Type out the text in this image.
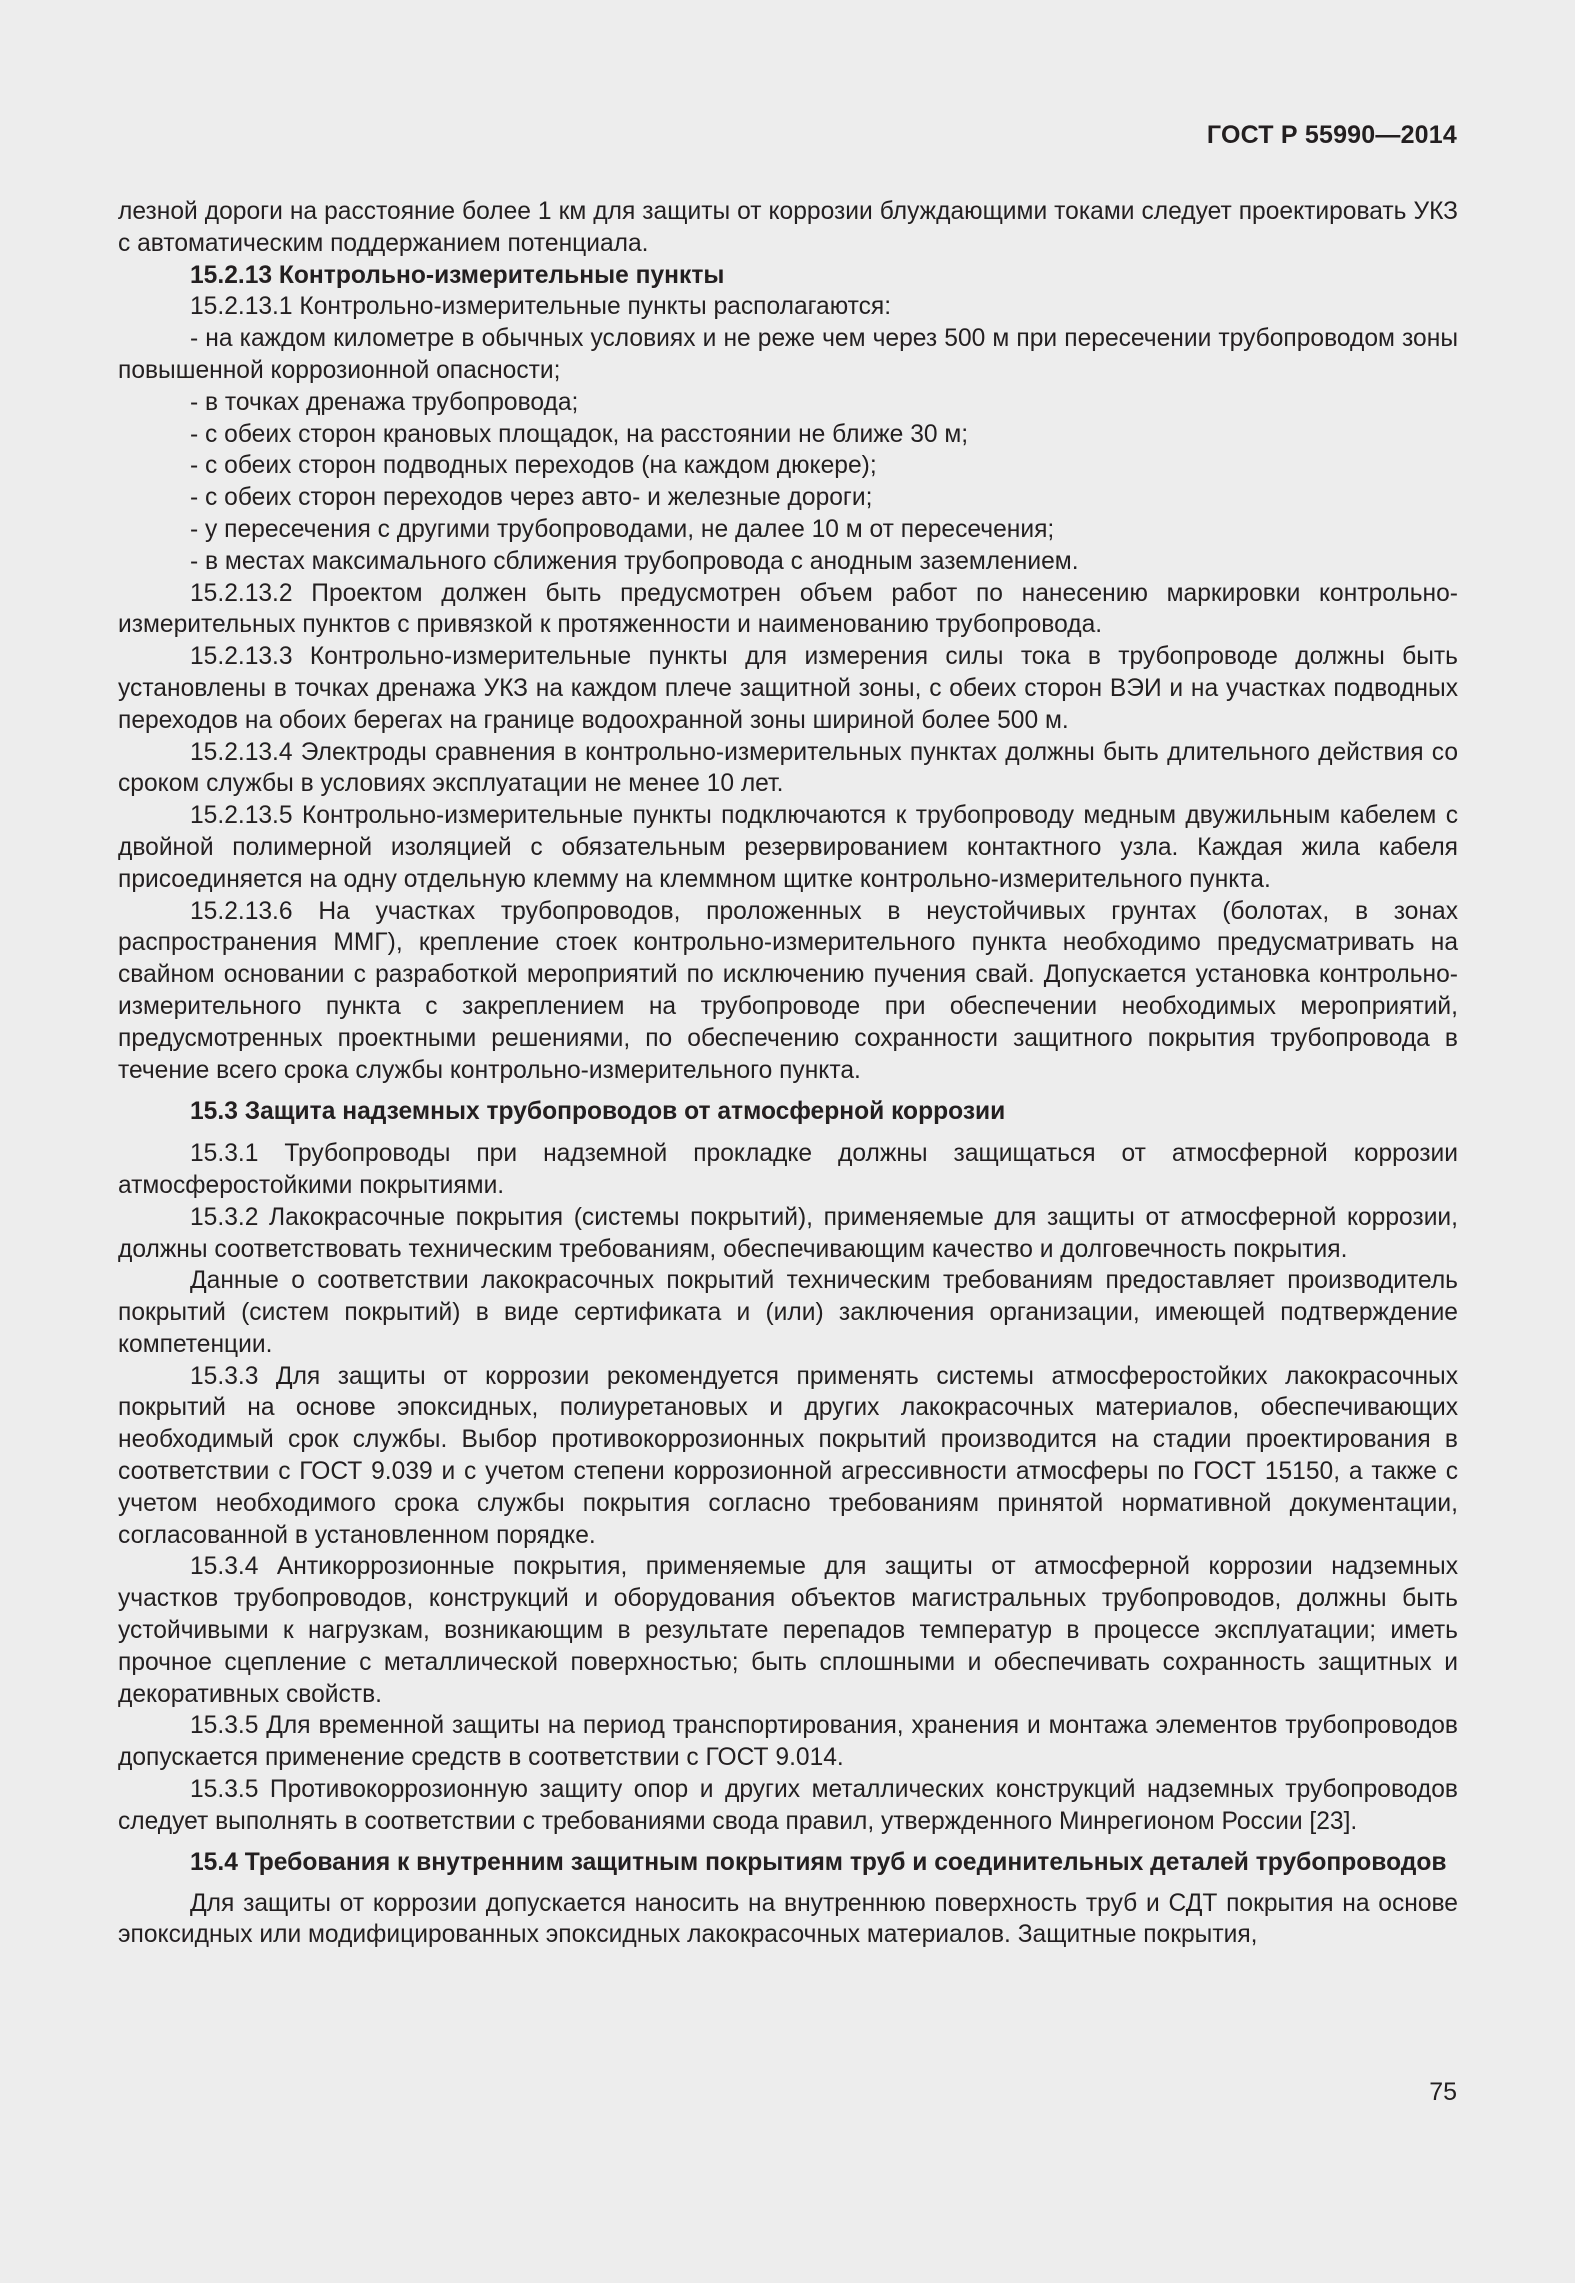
ГОСТ Р 55990—2014

лезной дороги на расстояние более 1 км для защиты от коррозии блуждающими токами следует проектировать УКЗ с автоматическим поддержанием потенциала.

15.2.13 Контрольно-измерительные пункты

15.2.13.1 Контрольно-измерительные пункты располагаются:

- на каждом километре в обычных условиях и не реже чем через 500 м при пересечении трубопроводом зоны повышенной коррозионной опасности;

- в точках дренажа трубопровода;

- с обеих сторон крановых площадок, на расстоянии не ближе 30 м;

- с обеих сторон подводных переходов (на каждом дюкере);

- с обеих сторон переходов через авто- и железные дороги;

- у пересечения с другими трубопроводами, не далее 10 м от пересечения;

- в местах максимального сближения трубопровода с анодным заземлением.

15.2.13.2 Проектом должен быть предусмотрен объем работ по нанесению маркировки контрольно-измерительных пунктов с привязкой к протяженности и наименованию трубопровода.

15.2.13.3 Контрольно-измерительные пункты для измерения силы тока в трубопроводе должны быть установлены в точках дренажа УКЗ на каждом плече защитной зоны, с обеих сторон ВЭИ и на участках подводных переходов на обоих берегах на границе водоохранной зоны шириной более 500 м.

15.2.13.4 Электроды сравнения в контрольно-измерительных пунктах должны быть длительного действия со сроком службы в условиях эксплуатации не менее 10 лет.

15.2.13.5 Контрольно-измерительные пункты подключаются к трубопроводу медным двужильным кабелем с двойной полимерной изоляцией с обязательным резервированием контактного узла. Каждая жила кабеля присоединяется на одну отдельную клемму на клеммном щитке контрольно-измерительного пункта.

15.2.13.6 На участках трубопроводов, проложенных в неустойчивых грунтах (болотах, в зонах распространения ММГ), крепление стоек контрольно-измерительного пункта необходимо предусматривать на свайном основании с разработкой мероприятий по исключению пучения свай. Допускается установка контрольно-измерительного пункта с закреплением на трубопроводе при обеспечении необходимых мероприятий, предусмотренных проектными решениями, по обеспечению сохранности защитного покрытия трубопровода в течение всего срока службы контрольно-измерительного пункта.

15.3 Защита надземных трубопроводов от атмосферной коррозии

15.3.1 Трубопроводы при надземной прокладке должны защищаться от атмосферной коррозии атмосферостойкими покрытиями.

15.3.2 Лакокрасочные покрытия (системы покрытий), применяемые для защиты от атмосферной коррозии, должны соответствовать техническим требованиям, обеспечивающим качество и долговечность покрытия.

Данные о соответствии лакокрасочных покрытий техническим требованиям предоставляет производитель покрытий (систем покрытий) в виде сертификата и (или) заключения организации, имеющей подтверждение компетенции.

15.3.3 Для защиты от коррозии рекомендуется применять системы атмосферостойких лакокрасочных покрытий на основе эпоксидных, полиуретановых и других лакокрасочных материалов, обеспечивающих необходимый срок службы. Выбор противокоррозионных покрытий производится на стадии проектирования в соответствии с ГОСТ 9.039 и с учетом степени коррозионной агрессивности атмосферы по ГОСТ 15150, а также с учетом необходимого срока службы покрытия согласно требованиям принятой нормативной документации, согласованной в установленном порядке.

15.3.4 Антикоррозионные покрытия, применяемые для защиты от атмосферной коррозии надземных участков трубопроводов, конструкций и оборудования объектов магистральных трубопроводов, должны быть устойчивыми к нагрузкам, возникающим в результате перепадов температур в процессе эксплуатации; иметь прочное сцепление с металлической поверхностью; быть сплошными и обеспечивать сохранность защитных и декоративных свойств.

15.3.5 Для временной защиты на период транспортирования, хранения и монтажа элементов трубопроводов допускается применение средств в соответствии с ГОСТ 9.014.

15.3.5 Противокоррозионную защиту опор и других металлических конструкций надземных трубопроводов следует выполнять в соответствии с требованиями свода правил, утвержденного Минрегионом России [23].

15.4 Требования к внутренним защитным покрытиям труб и соединительных деталей трубопроводов

Для защиты от коррозии допускается наносить на внутреннюю поверхность труб и СДТ покрытия на основе эпоксидных или модифицированных эпоксидных лакокрасочных материалов. Защитные покрытия,

75
